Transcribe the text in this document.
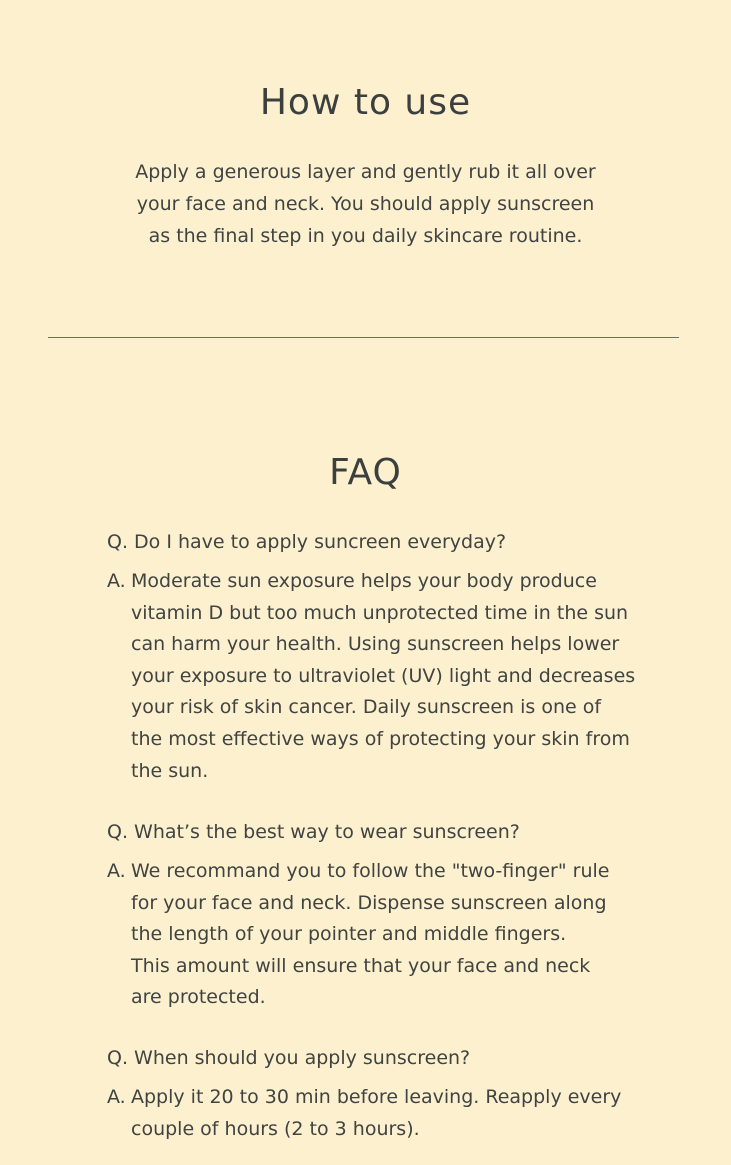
How to use

Apply a generous layer and gently rub it all over
your face and neck. You should apply sunscreen
as the final step in you daily skincare routine.

FAQ

Q. Do I have to apply suncreen everyday?

A. Moderate sun exposure helps your body produce
vitamin D but too much unprotected time in the sun
can harm your health. Using sunscreen helps lower
your exposure to ultraviolet (UV) light and decreases
your risk of skin cancer. Daily sunscreen is one of
the most effective ways of protecting your skin from
the sun.

Q. What’s the best way to wear sunscreen?

A. We recommand you to follow the "two-finger" rule
for your face and neck. Dispense sunscreen along
the length of your pointer and middle fingers.
This amount will ensure that your face and neck
are protected.

Q. When should you apply sunscreen?

A. Apply it 20 to 30 min before leaving. Reapply every
couple of hours (2 to 3 hours).
